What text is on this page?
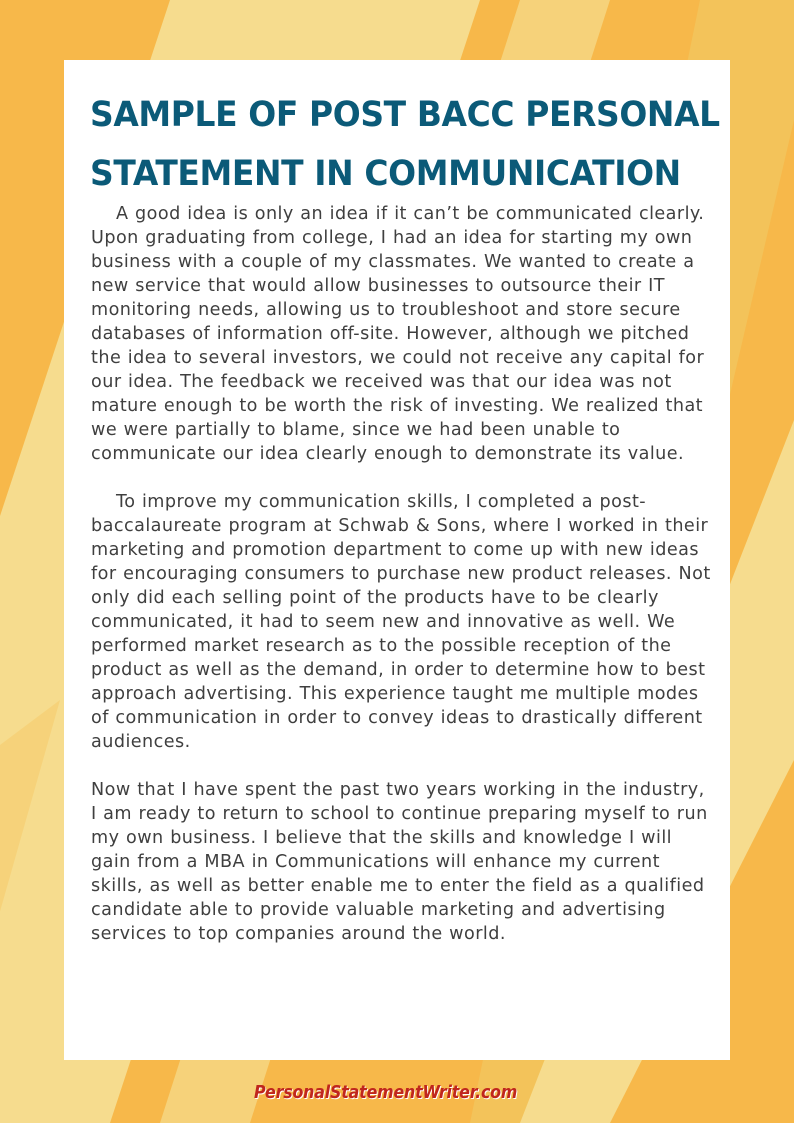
SAMPLE OF POST BACC PERSONAL
STATEMENT IN COMMUNICATION

A good idea is only an idea if it can’t be communicated clearly. Upon graduating from college, I had an idea for starting my own business with a couple of my classmates. We wanted to create a new service that would allow businesses to outsource their IT monitoring needs, allowing us to troubleshoot and store secure databases of information off-site. However, although we pitched the idea to several investors, we could not receive any capital for our idea. The feedback we received was that our idea was not mature enough to be worth the risk of investing. We realized that we were partially to blame, since we had been unable to communicate our idea clearly enough to demonstrate its value.

To improve my communication skills, I completed a post-baccalaureate program at Schwab & Sons, where I worked in their marketing and promotion department to come up with new ideas for encouraging consumers to purchase new product releases. Not only did each selling point of the products have to be clearly communicated, it had to seem new and innovative as well. We performed market research as to the possible reception of the product as well as the demand, in order to determine how to best approach advertising. This experience taught me multiple modes of communication in order to convey ideas to drastically different audiences.

Now that I have spent the past two years working in the industry, I am ready to return to school to continue preparing myself to run my own business. I believe that the skills and knowledge I will gain from a MBA in Communications will enhance my current skills, as well as better enable me to enter the field as a qualified candidate able to provide valuable marketing and advertising services to top companies around the world.

PersonalStatementWriter.com
